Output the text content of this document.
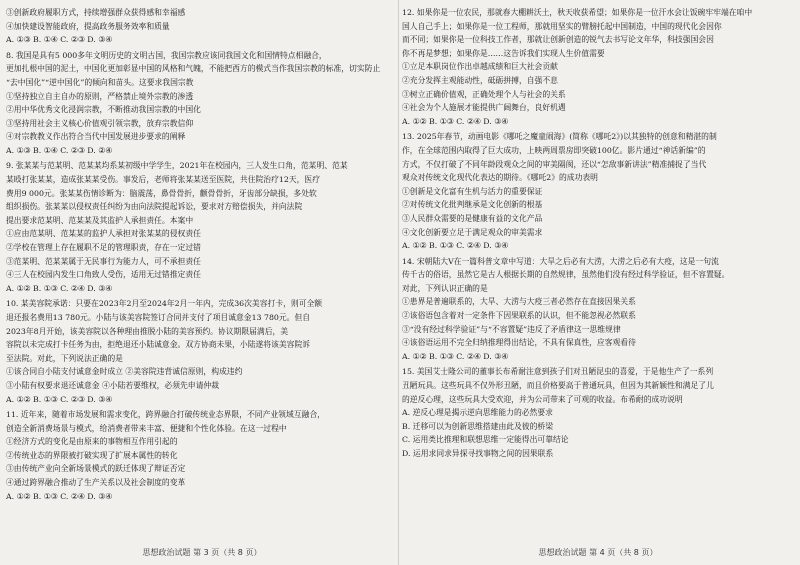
思想政治试题 第 3 页（共 8 页）
③创新政府履职方式，持续增强群众获得感和幸福感
④加快建设智能政府，提高政务服务效率和质量
A. ①③ B. ①④ C. ②③ D. ③④
8. 我国是具有5 000多年文明历史的文明古国，我国宗教应该同我国文化和国情特点相融合，
更加扎根中国的泥土，中国化更加彰显中国的风格和气魄，不能把西方的模式当作我国宗教的标准，切实防止
“去中国化”“逆中国化”的倾向和苗头。这要求我国宗教
①坚持独立自主自办的原则，严格禁止境外宗教的渗透
②用中华优秀文化浸润宗教，不断推动我国宗教的中国化
③坚持用社会主义核心价值观引领宗教，放弃宗教信仰
④对宗教教义作出符合当代中国发展进步要求的阐释
A. ①③ B. ①④ C. ②③ D. ②④
9. 张某某与范某明、范某某均系某初级中学学生，2021年在校园内，三人发生口角，范某明、范某
某殴打张某某，造成张某某受伤。事发后，老师将张某某送至医院，共住院治疗12天，医疗
费用9 000元。张某某伤情诊断为：脑震荡，鼻骨骨折，颧骨骨折，牙齿部分缺损，多处软
组织损伤。张某某以侵权责任纠纷为由向法院提起诉讼，要求对方赔偿损失，并向法院
提出要求范某明、范某某及其监护人承担责任。本案中
①应由范某明、范某某的监护人承担对张某某的侵权责任
②学校在管理上存在履职不足的管理职责，存在一定过错
③范某明、范某某属于无民事行为能力人，可不承担责任
④三人在校园内发生口角致人受伤，适用无过错推定责任
A. ①② B. ①③ C. ②④ D. ③④
10. 某美容院承诺：只要在2023年2月至2024年2月一年内，完成36次美容打卡，则可全额
退还报名费用13 780元。小陆与该美容院签订合同并支付了项目诚意金13 780元。但自
2023年8月开始，该美容院以各种理由推脱小陆的美容预约。协议期限届满后，美
容院以未完成打卡任务为由，拒绝退还小陆诚意金。双方协商未果，小陆遂将该美容院诉
至法院。对此，下列说法正确的是
①该合同自小陆支付诚意金时成立 ②美容院违背诚信原则，构成违约
③小陆有权要求退还诚意金 ④小陆若要维权，必须先申请仲裁
A. ①② B. ①③ C. ②③ D. ③④
11. 近年来，随着市场发展和需求变化，跨界融合打破传统业态界限，不同产业领域互融合，
创造全新消费场景与模式，给消费者带来丰富、便捷和个性化体验。在这一过程中
①经济方式的变化是由原来的事物相互作用引起的
②传统业态的界限被打破实现了扩展本属性的转化
③由传统产业向全新场景模式的跃迁体现了辩证否定
④通过跨界融合推动了生产关系以及社会制度的变革
A. ①② B. ①③ C. ②④ D. ③④
思想政治试题 第 4 页（共 8 页）
12. 如果你是一位农民，那就春大棚耕沃土，秋天收获希望；如果你是一位汗水会让饭碗牢牢端在咱中
国人自己手上；如果你是一位工程师，那就用坚实的臂膀托起中国制造，中国的现代化会因你
而不同；如果你是一位科技工作者，那就让创新创造的锐气去书写论文年华，科技强国会因
你不再是梦想；如果你是……这告诉我们实现人生价值需要
①立足本职岗位作出卓越成绩和巨大社会贡献
②充分发挥主观能动性，砥砺拼搏，自强不息
③树立正确价值观，正确处理个人与社会的关系
④社会为个人施展才能提供广阔舞台，良好机遇
A. ①② B. ①③ C. ②④ D. ③④
13. 2025年春节，动画电影《哪吒之魔童闹海》(简称《哪吒2》)以其独特的创意和精湛的制
作，在全球范围内取得了巨大成功，上映两周票房即突破100亿。影片通过“神话新编”的
方式，不仅打破了不同年龄段观众之间的审美隔阂，还以“怎敌事新讲法”精准捕捉了当代
观众对传统文化现代化表达的期待。《哪吒2》的成功表明
①创新是文化富有生机与活力的重要保证
②对传统文化批判继承是文化创新的根基
③人民群众需要的是健康有益的文化产品
④文化创新要立足于满足观众的审美需求
A. ①② B. ①③ C. ②④ D. ③④
14. 宋朝陆大V在一篇科普文章中写道：大旱之后必有大涝，大涝之后必有大疫，这是一句流
传千古的俗语，虽然它是古人根据长期的自然规律，虽然他们没有经过科学验证，但不容置疑。
对此，下列认识正确的是
①患界是普遍联系的，大旱、大涝与大疫三者必然存在直接因果关系
②该俗语包含着对一定条件下因果联系的认识，但不能忽视必然联系
③“没有经过科学验证”与“不容置疑”违反了矛盾律这一思维规律
④该俗语运用不完全归纳推理得出结论，不具有保真性，应客观看待
A. ①② B. ①③ C. ②④ D. ③④
15. 美国艾士隆公司的董事长布希耐注意到孩子们对丑陋昆虫的喜爱，于是他生产了一系列
丑陋玩具。这些玩具不仅外形丑陋，而且价格要高于普通玩具，但因为其新颖性和满足了儿
的逆反心理，这些玩具大受欢迎，并为公司带来了可观的收益。布希耐的成功说明
A. 逆反心理是揭示逆向思维能力的必然要求
B. 迁移可以为创新思维搭建由此及彼的桥梁
C. 运用类比推理和联想思维一定能得出可靠结论
D. 运用求同求异探寻找事物之间的因果联系
